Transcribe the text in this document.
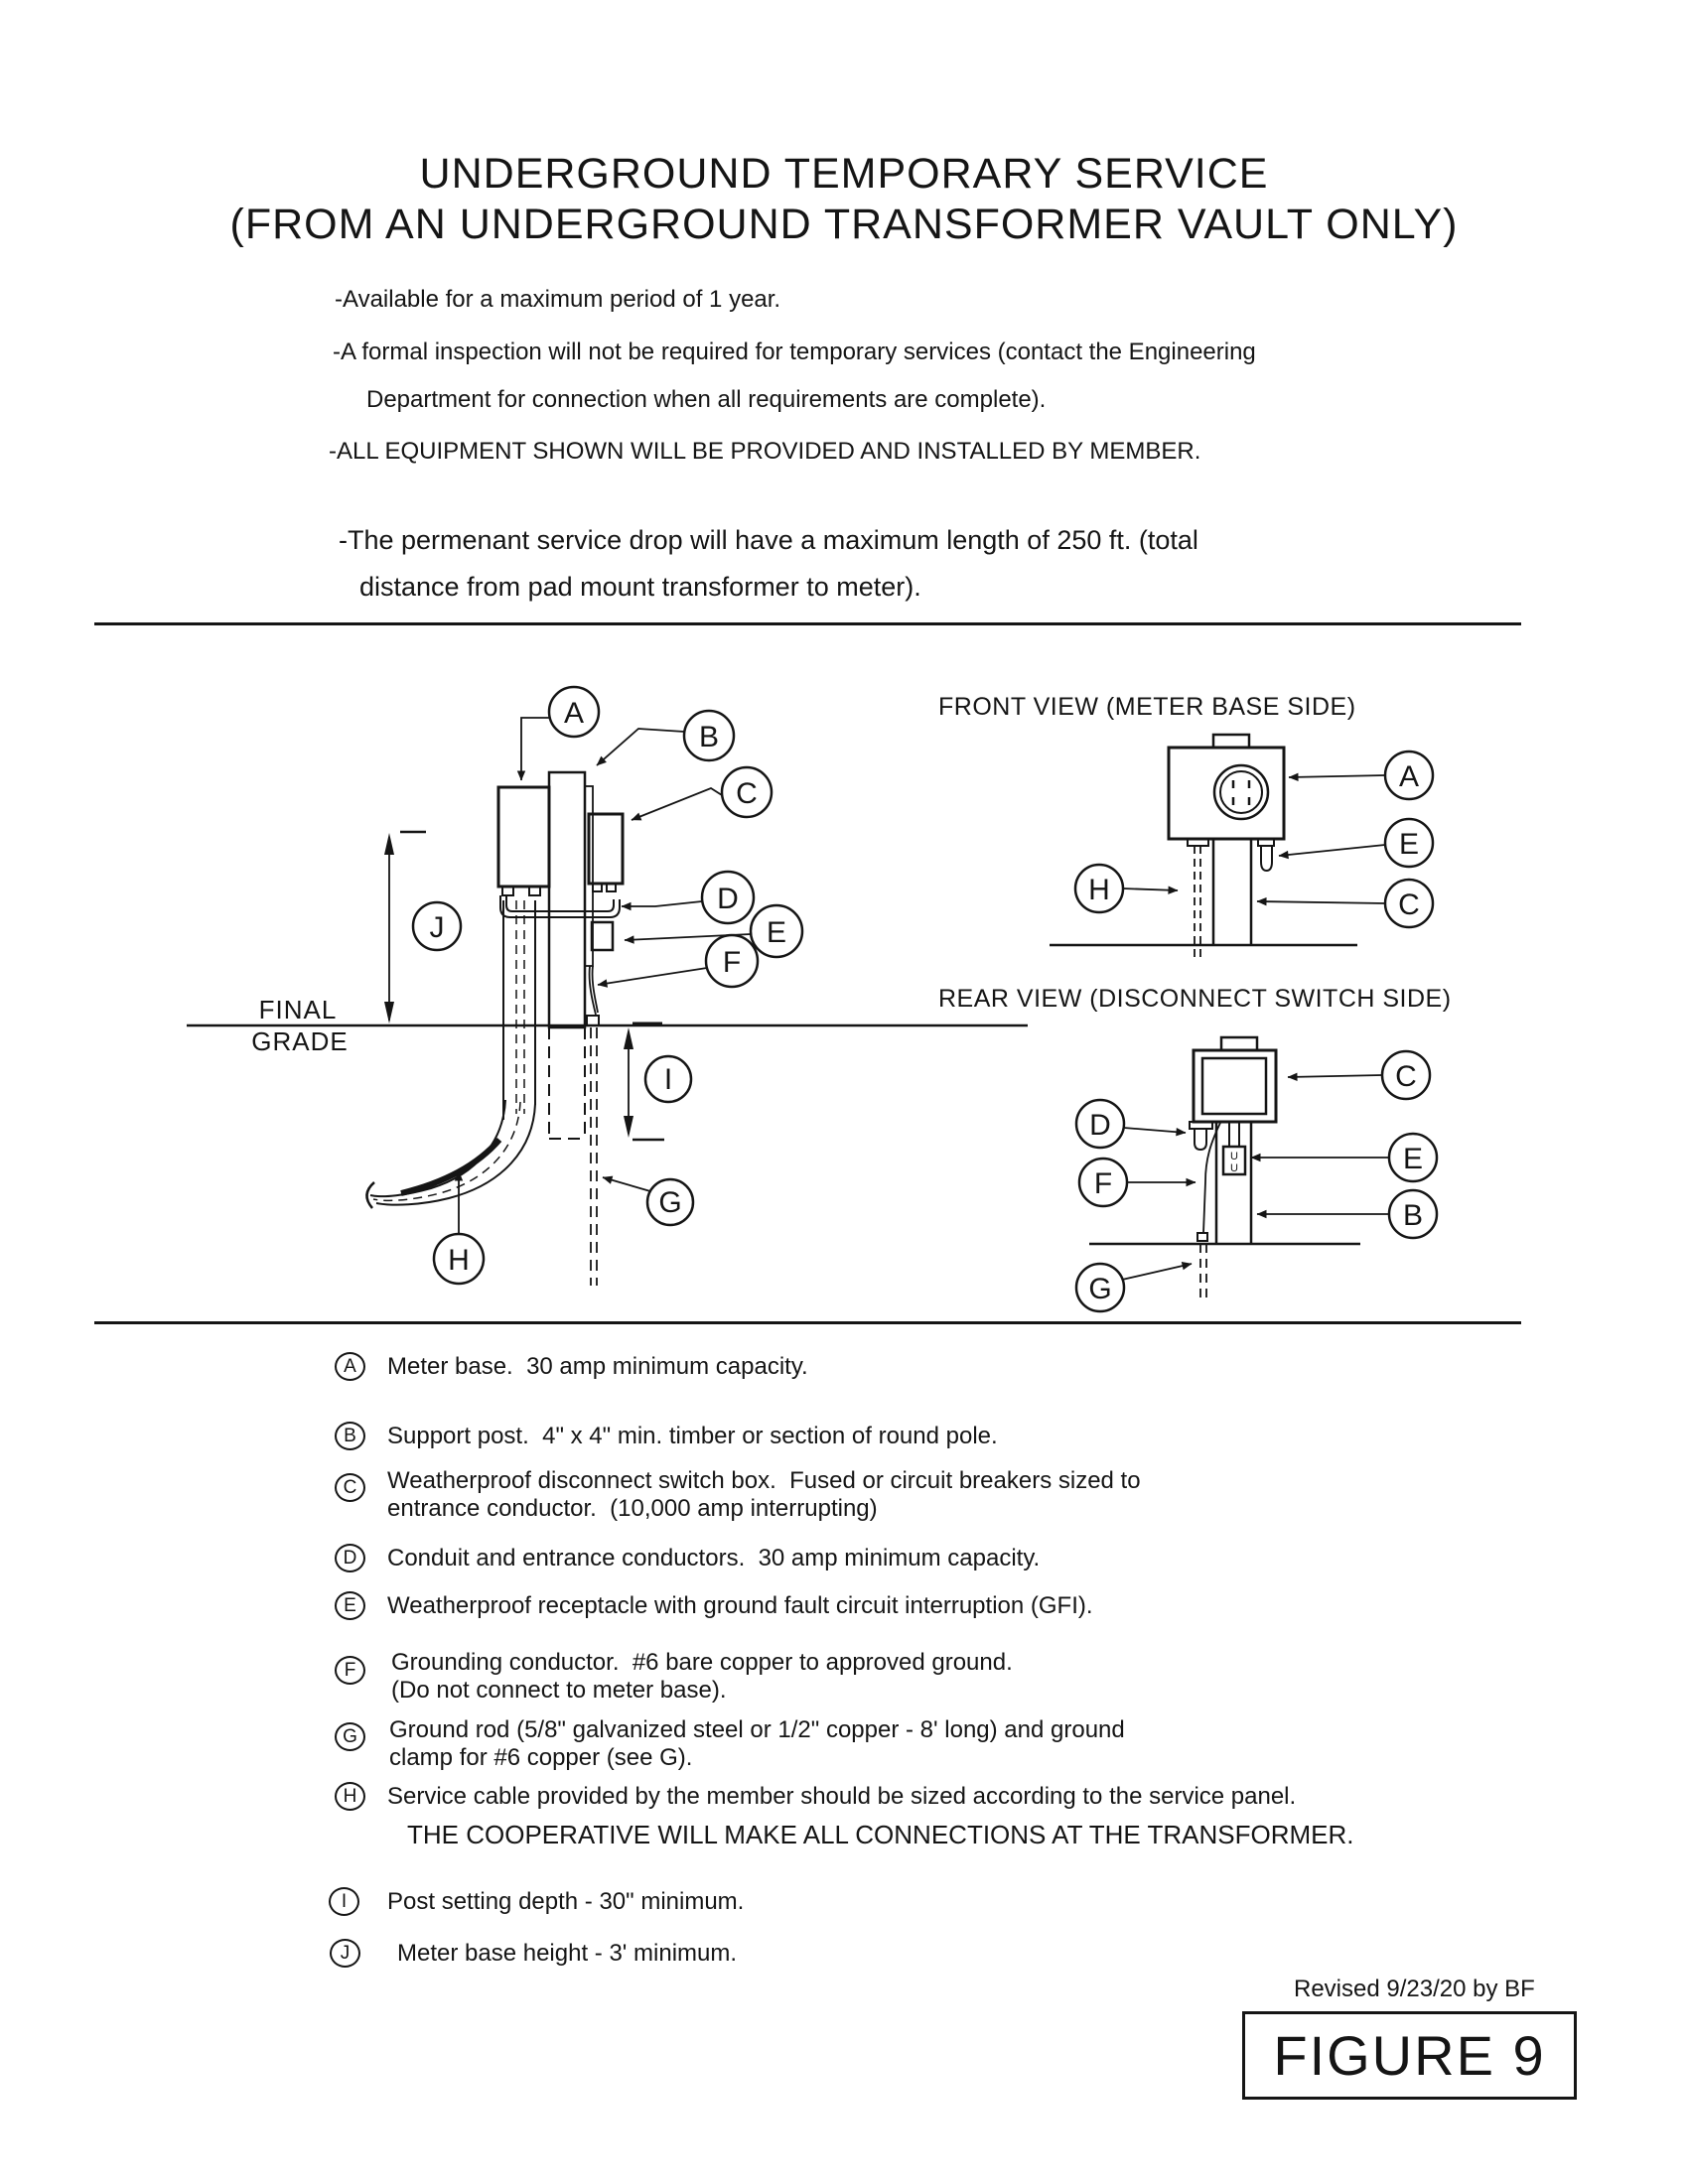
UNDERGROUND TEMPORARY SERVICE
(FROM AN UNDERGROUND TRANSFORMER VAULT ONLY)
-Available for a maximum period of 1 year.
-A formal inspection will not be required for temporary services (contact the Engineering
Department for connection when all requirements are complete).
-ALL EQUIPMENT SHOWN WILL BE PROVIDED AND INSTALLED BY MEMBER.
-The permenant service drop will have a maximum length of 250 ft. (total
distance from pad mount transformer to meter).
FINAL
GRADE
A
B
C
D
E
F
I
J
G
H
FRONT VIEW (METER BASE SIDE)
H
A
E
C
REAR VIEW (DISCONNECT SWITCH SIDE)
U
U
C
D
E
F
B
G
A	Meter base.  30 amp minimum capacity.
B	Support post.  4" x 4" min. timber or section of round pole.
C	Weatherproof disconnect switch box.  Fused or circuit breakers sized to
entrance conductor.  (10,000 amp interrupting)
D	Conduit and entrance conductors.  30 amp minimum capacity.
E	Weatherproof receptacle with ground fault circuit interruption (GFI).
F	Grounding conductor.  #6 bare copper to approved ground.
(Do not connect to meter base).
G	Ground rod (5/8" galvanized steel or 1/2" copper - 8' long) and ground
clamp for #6 copper (see G).
H	Service cable provided by the member should be sized according to the service panel.
THE COOPERATIVE WILL MAKE ALL CONNECTIONS AT THE TRANSFORMER.
I	Post setting depth - 30" minimum.
J	Meter base height - 3' minimum.
Revised 9/23/20 by BF
FIGURE 9
